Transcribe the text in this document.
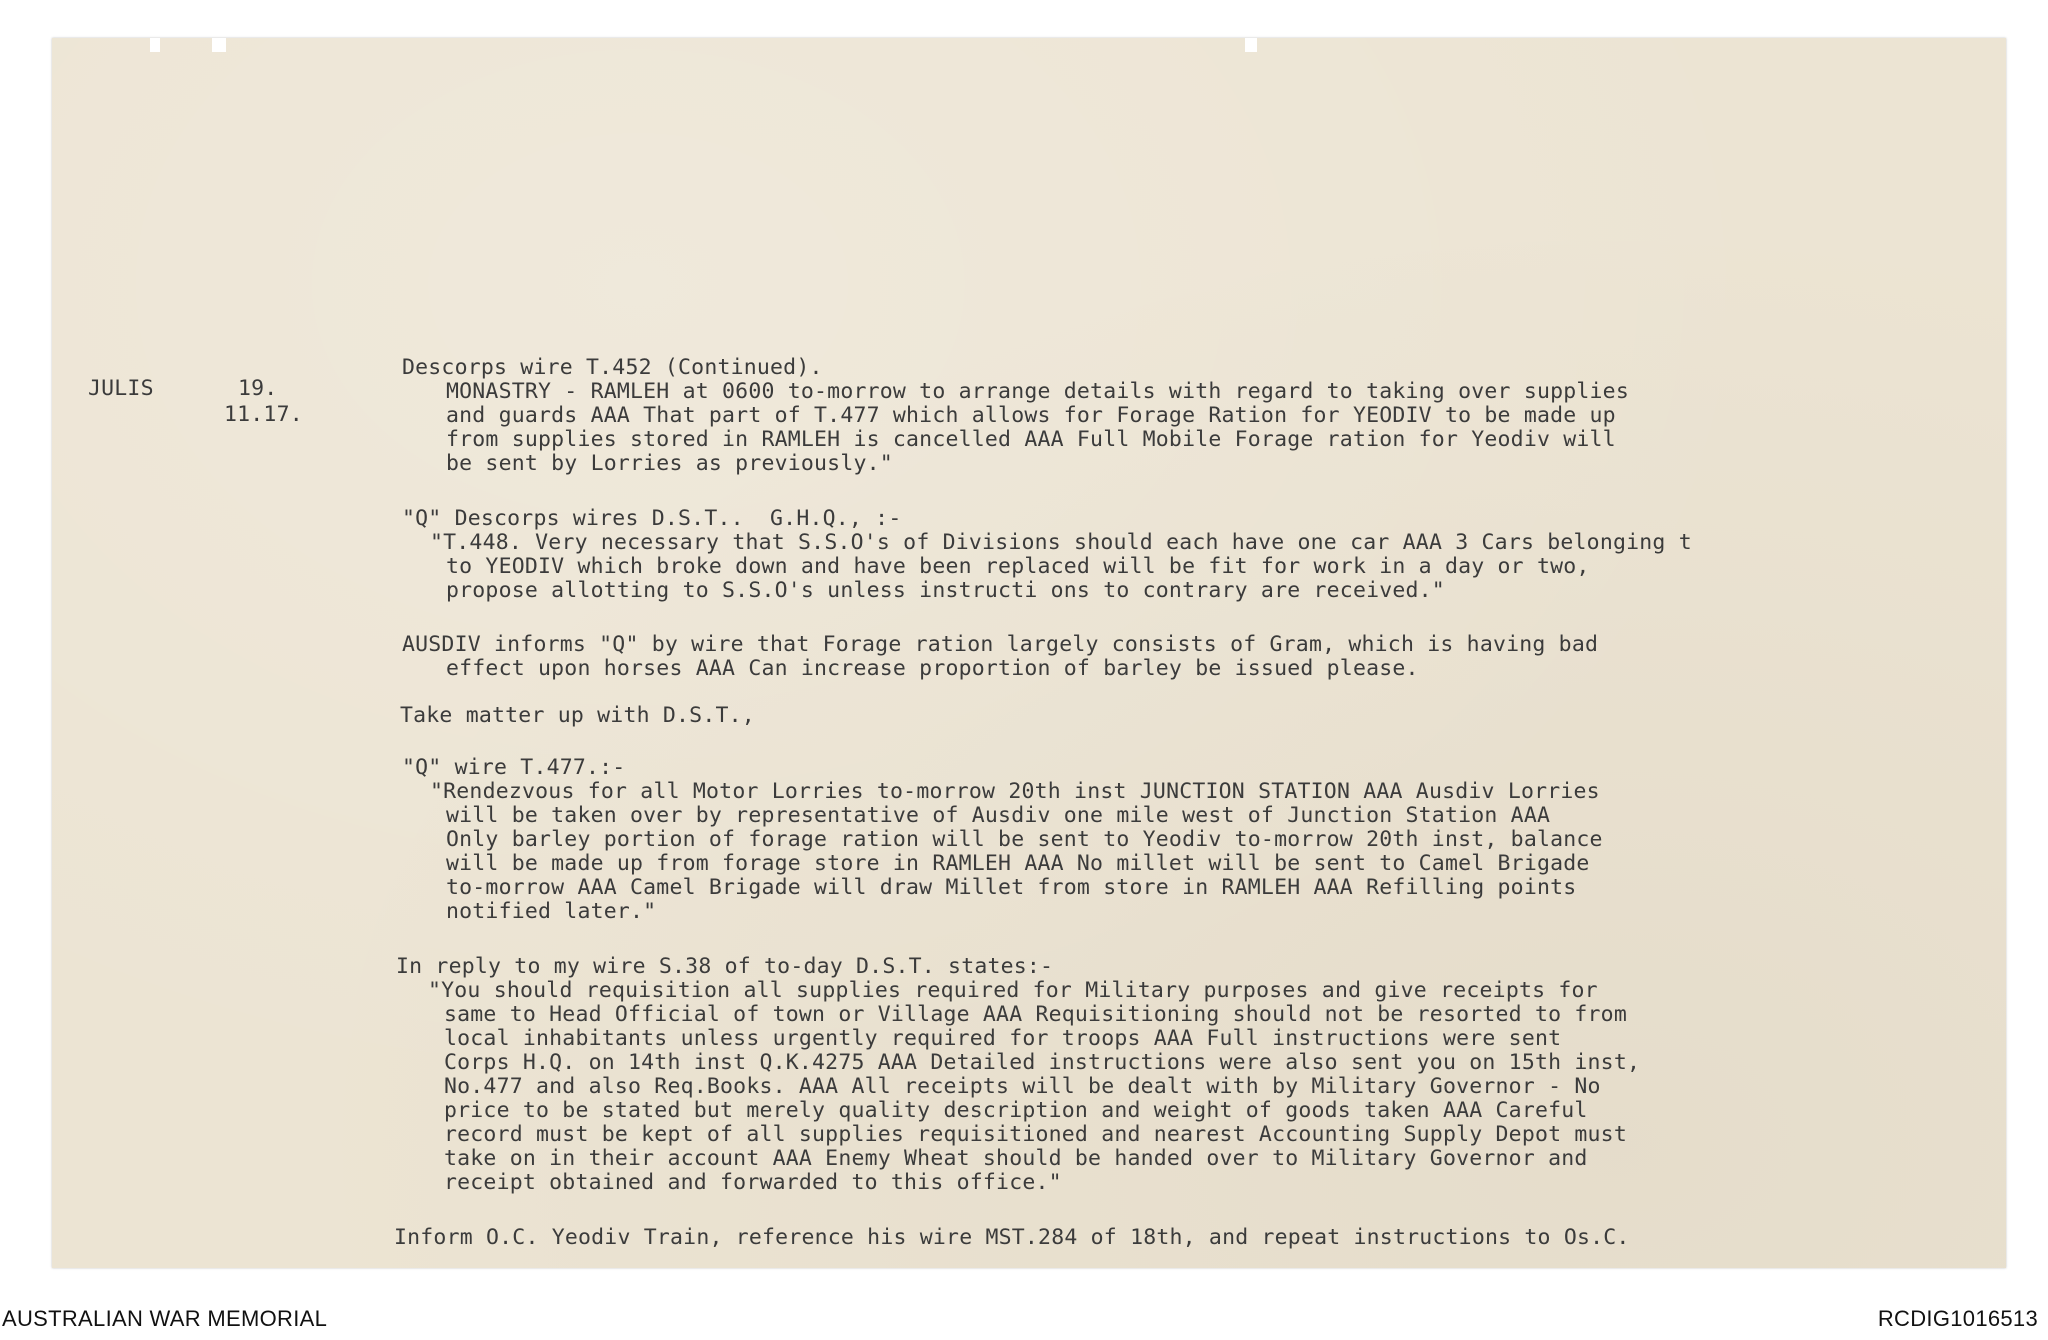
JULIS	19.
11.17.
Descorps wire T.452 (Continued).
MONASTRY - RAMLEH at 0600 to-morrow to arrange details with regard to taking over supplies
and guards AAA That part of T.477 which allows for Forage Ration for YEODIV to be made up
from supplies stored in RAMLEH is cancelled AAA Full Mobile Forage ration for Yeodiv will
be sent by Lorries as previously."
"Q" Descorps wires D.S.T..  G.H.Q., :-
"T.448. Very necessary that S.S.O's of Divisions should each have one car AAA 3 Cars belonging t
to YEODIV which broke down and have been replaced will be fit for work in a day or two,
propose allotting to S.S.O's unless instructi ons to contrary are received."
AUSDIV informs "Q" by wire that Forage ration largely consists of Gram, which is having bad
effect upon horses AAA Can increase proportion of barley be issued please.
Take matter up with D.S.T.,
"Q" wire T.477.:-
"Rendezvous for all Motor Lorries to-morrow 20th inst JUNCTION STATION AAA Ausdiv Lorries
will be taken over by representative of Ausdiv one mile west of Junction Station AAA
Only barley portion of forage ration will be sent to Yeodiv to-morrow 20th inst, balance
will be made up from forage store in RAMLEH AAA No millet will be sent to Camel Brigade
to-morrow AAA Camel Brigade will draw Millet from store in RAMLEH AAA Refilling points
notified later."
In reply to my wire S.38 of to-day D.S.T. states:-
"You should requisition all supplies required for Military purposes and give receipts for
same to Head Official of town or Village AAA Requisitioning should not be resorted to from
local inhabitants unless urgently required for troops AAA Full instructions were sent
Corps H.Q. on 14th inst Q.K.4275 AAA Detailed instructions were also sent you on 15th inst,
No.477 and also Req.Books. AAA All receipts will be dealt with by Military Governor - No
price to be stated but merely quality description and weight of goods taken AAA Careful
record must be kept of all supplies requisitioned and nearest Accounting Supply Depot must
take on in their account AAA Enemy Wheat should be handed over to Military Governor and
receipt obtained and forwarded to this office."
Inform O.C. Yeodiv Train, reference his wire MST.284 of 18th, and repeat instructions to Os.C.
AUSTRALIAN WAR MEMORIAL	RCDIG1016513
